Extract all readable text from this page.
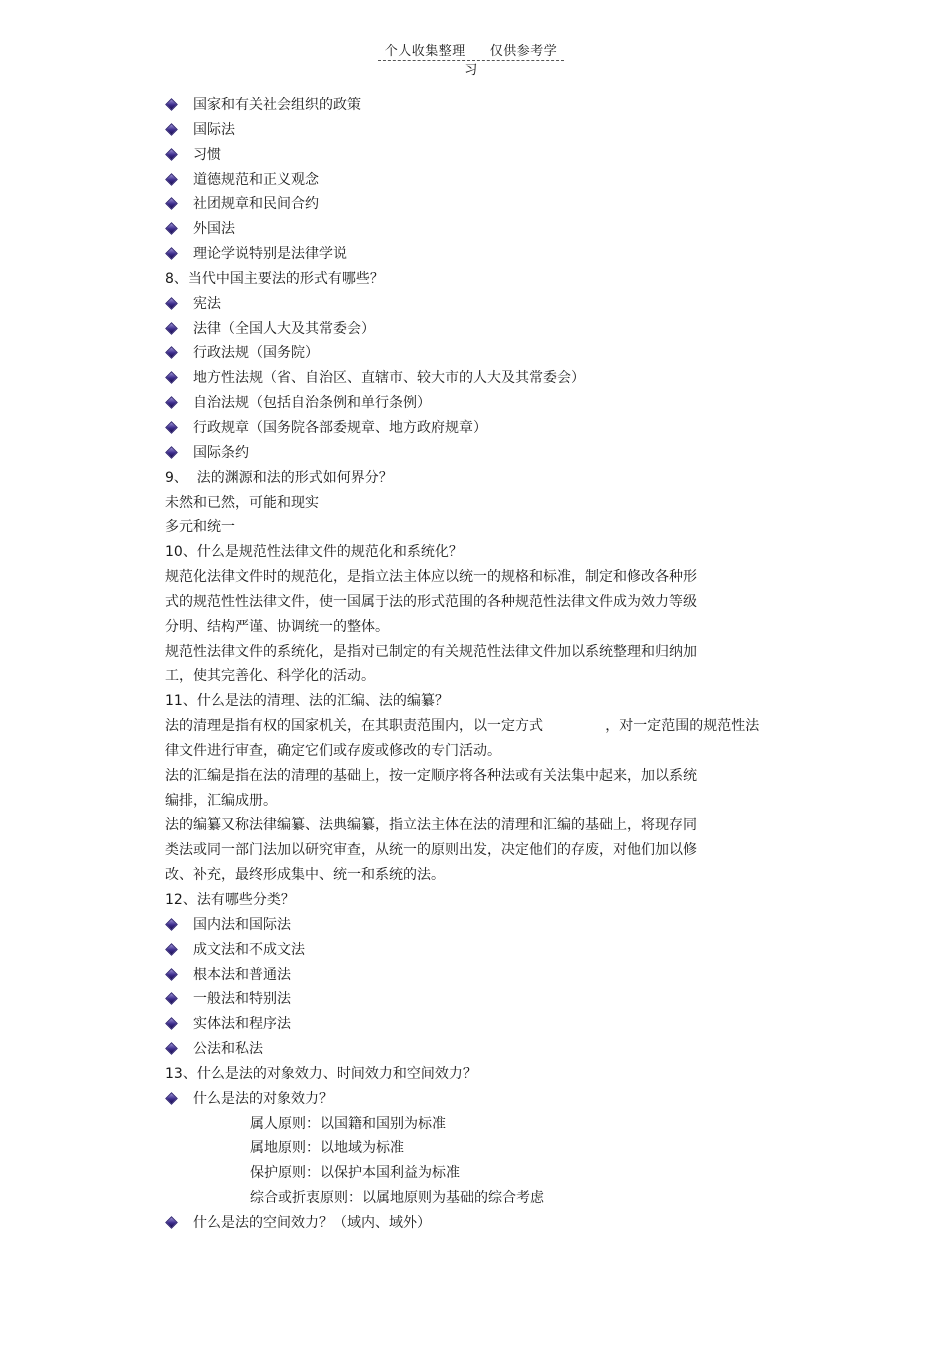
个人收集整理 仅供参考学习
国家和有关社会组织的政策
国际法
习惯
道德规范和正义观念
社团规章和民间合约
外国法
理论学说特别是法律学说
8、当代中国主要法的形式有哪些？
宪法
法律（全国人大及其常委会）
行政法规（国务院）
地方性法规（省、自治区、直辖市、较大市的人大及其常委会）
自治法规（包括自治条例和单行条例）
行政规章（国务院各部委规章、地方政府规章）
国际条约
9、  法的渊源和法的形式如何界分？
未然和已然，可能和现实
多元和统一
10、什么是规范性法律文件的规范化和系统化？
规范化法律文件时的规范化，是指立法主体应以统一的规格和标准，制定和修改各种形
式的规范性性法律文件，使一国属于法的形式范围的各种规范性法律文件成为效力等级
分明、结构严谨、协调统一的整体。
规范性法律文件的系统化，是指对已制定的有关规范性法律文件加以系统整理和归纳加
工，使其完善化、科学化的活动。
11、什么是法的清理、法的汇编、法的编纂？
法的清理是指有权的国家机关，在其职责范围内，以一定方式              ，对一定范围的规范性法
律文件进行审查，确定它们或存废或修改的专门活动。
法的汇编是指在法的清理的基础上，按一定顺序将各种法或有关法集中起来，加以系统
编排，汇编成册。
法的编纂又称法律编纂、法典编纂，指立法主体在法的清理和汇编的基础上，将现存同
类法或同一部门法加以研究审查，从统一的原则出发，决定他们的存废，对他们加以修
改、补充，最终形成集中、统一和系统的法。
12、法有哪些分类？
国内法和国际法
成文法和不成文法
根本法和普通法
一般法和特别法
实体法和程序法
公法和私法
13、什么是法的对象效力、时间效力和空间效力？
什么是法的对象效力？
属人原则：以国籍和国别为标准
属地原则：以地域为标准
保护原则：以保护本国利益为标准
综合或折衷原则：以属地原则为基础的综合考虑
什么是法的空间效力？（域内、域外）
